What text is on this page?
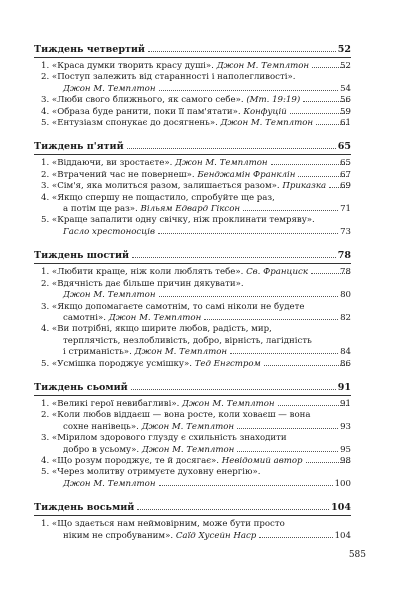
Тиждень четвертий	52
1. «Краса думки творить красу душі». Джон М. Темплтон	52
2. «Поступ залежить від старанності і наполегливості».
Джон М. Темплтон	54
3. «Люби свого ближнього, як самого себе». (Мт. 19:19)	56
4. «Образа буде ранити, поки її пам'ятати». Конфуцій	59
5. «Ентузіазм спонукає до досягнень». Джон М. Темплтон	61
Тиждень п'ятий	65
1. «Віддаючи, ви зростаєте». Джон М. Темплтон	65
2. «Втрачений час не повернеш». Бенджамін Франклін	67
3. «Сім'я, яка молиться разом, залишається разом». Приказка 69
4. «Якщо спершу не пощастило, спробуйте ще раз,
а потім ще раз». Вільям Едвард Гіксон	71
5. «Краще запалити одну свічку, ніж проклинати темряву».
Гасло хрестоносців	73
Тиждень шостий	78
1. «Любити краще, ніж коли люблять тебе». Св. Франциск	78
2. «Вдячність дає більше причин дякувати».
Джон М. Темплтон	80
3. «Якщо допомагаєте самотнім, то самі ніколи не будете
самотні». Джон М. Темплтон	82
4. «Ви потрібні, якщо ширите любов, радість, мир,
терплячість, незлобливість, добро, вірність, лагідність
і стриманість». Джон М. Темплтон	84
5. «Усмішка породжує усмішку». Тед Енгстром	86
Тиждень сьомий	91
1. «Великі герої невибагливі». Джон М. Темплтон	91
2. «Коли любов віддаєш — вона росте, коли ховаєш — вона
сохне нанівець». Джон М. Темплтон	93
3. «Мірилом здорового глузду є схильність знаходити
добро в усьому». Джон М. Темплтон	95
4. «Що розум породжує, те й досягає». Невідомий автор	98
5. «Через молитву отримуєте духовну енергію».
Джон М. Темплтон	100
Тиждень восьмий	104
1. «Що здається нам неймовірним, може бути просто
ніким не спробуваним». Саїд Хусейн Наср	104
585
